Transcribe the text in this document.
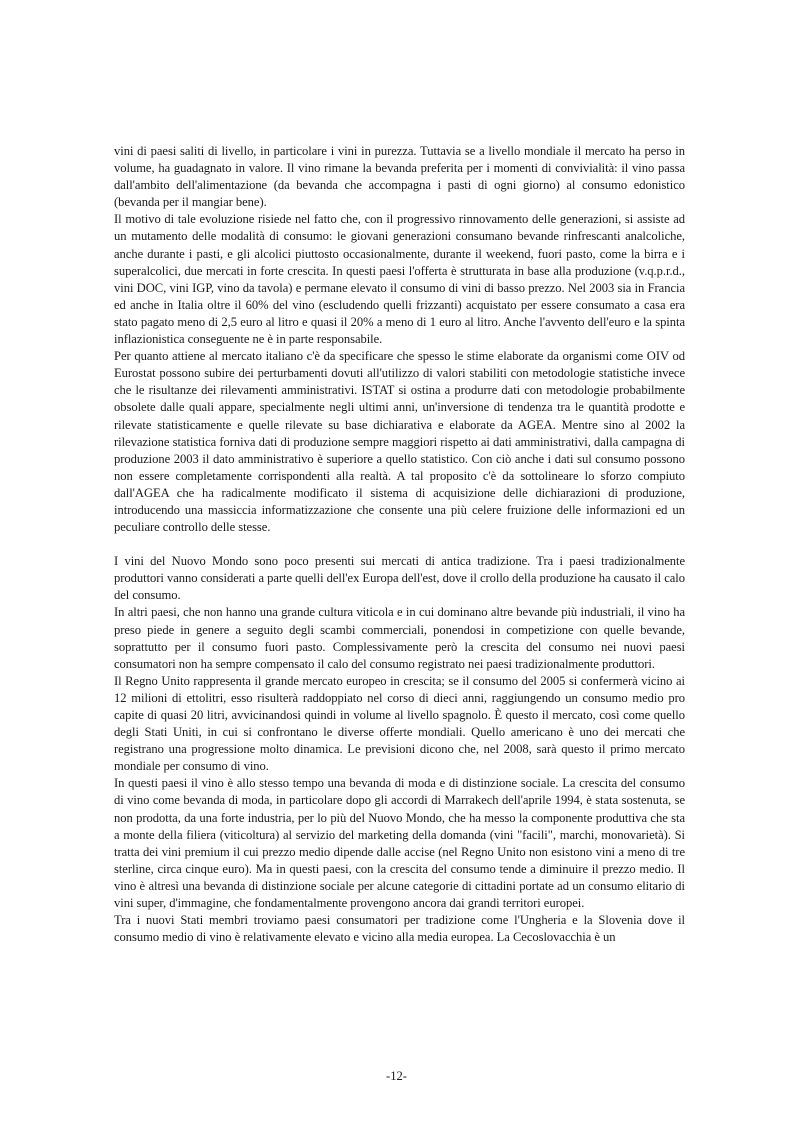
vini di paesi saliti di livello, in particolare i vini in purezza. Tuttavia se a livello mondiale il mercato ha perso in volume, ha guadagnato in valore. Il vino rimane la bevanda preferita per i momenti di convivialità: il vino passa dall'ambito dell'alimentazione (da bevanda che accompagna i pasti di ogni giorno) al consumo edonistico (bevanda per il mangiar bene).

Il motivo di tale evoluzione risiede nel fatto che, con il progressivo rinnovamento delle generazioni, si assiste ad un mutamento delle modalità di consumo: le giovani generazioni consumano bevande rinfrescanti analcoliche, anche durante i pasti, e gli alcolici piuttosto occasionalmente, durante il weekend, fuori pasto, come la birra e i superalcolici, due mercati in forte crescita. In questi paesi l'offerta è strutturata in base alla produzione (v.q.p.r.d., vini DOC, vini IGP, vino da tavola) e permane elevato il consumo di vini di basso prezzo. Nel 2003 sia in Francia ed anche in Italia oltre il 60% del vino (escludendo quelli frizzanti) acquistato per essere consumato a casa era stato pagato meno di 2,5 euro al litro e quasi il 20% a meno di 1 euro al litro. Anche l'avvento dell'euro e la spinta inflazionistica conseguente ne è in parte responsabile.

Per quanto attiene al mercato italiano c'è da specificare che spesso le stime elaborate da organismi come OIV od Eurostat possono subire dei perturbamenti dovuti all'utilizzo di valori stabiliti con metodologie statistiche invece che le risultanze dei rilevamenti amministrativi. ISTAT si ostina a produrre dati con metodologie probabilmente obsolete dalle quali appare, specialmente negli ultimi anni, un'inversione di tendenza tra le quantità prodotte e rilevate statisticamente e quelle rilevate su base dichiarativa e elaborate da AGEA. Mentre sino al 2002 la rilevazione statistica forniva dati di produzione sempre maggiori rispetto ai dati amministrativi, dalla campagna di produzione 2003 il dato amministrativo è superiore a quello statistico. Con ciò anche i dati sul consumo possono non essere completamente corrispondenti alla realtà. A tal proposito c'è da sottolineare lo sforzo compiuto dall'AGEA che ha radicalmente modificato il sistema di acquisizione delle dichiarazioni di produzione, introducendo una massiccia informatizzazione che consente una più celere fruizione delle informazioni ed un peculiare controllo delle stesse.

I vini del Nuovo Mondo sono poco presenti sui mercati di antica tradizione. Tra i paesi tradizionalmente produttori vanno considerati a parte quelli dell'ex Europa dell'est, dove il crollo della produzione ha causato il calo del consumo.

In altri paesi, che non hanno una grande cultura viticola e in cui dominano altre bevande più industriali, il vino ha preso piede in genere a seguito degli scambi commerciali, ponendosi in competizione con quelle bevande, soprattutto per il consumo fuori pasto. Complessivamente però la crescita del consumo nei nuovi paesi consumatori non ha sempre compensato il calo del consumo registrato nei paesi tradizionalmente produttori.

Il Regno Unito rappresenta il grande mercato europeo in crescita; se il consumo del 2005 si confermerà vicino ai 12 milioni di ettolitri, esso risulterà raddoppiato nel corso di dieci anni, raggiungendo un consumo medio pro capite di quasi 20 litri, avvicinandosi quindi in volume al livello spagnolo. È questo il mercato, così come quello degli Stati Uniti, in cui si confrontano le diverse offerte mondiali. Quello americano è uno dei mercati che registrano una progressione molto dinamica. Le previsioni dicono che, nel 2008, sarà questo il primo mercato mondiale per consumo di vino.

In questi paesi il vino è allo stesso tempo una bevanda di moda e di distinzione sociale. La crescita del consumo di vino come bevanda di moda, in particolare dopo gli accordi di Marrakech dell'aprile 1994, è stata sostenuta, se non prodotta, da una forte industria, per lo più del Nuovo Mondo, che ha messo la componente produttiva che sta a monte della filiera (viticoltura) al servizio del marketing della domanda (vini "facili", marchi, monovarietà). Si tratta dei vini premium il cui prezzo medio dipende dalle accise (nel Regno Unito non esistono vini a meno di tre sterline, circa cinque euro). Ma in questi paesi, con la crescita del consumo tende a diminuire il prezzo medio. Il vino è altresì una bevanda di distinzione sociale per alcune categorie di cittadini portate ad un consumo elitario di vini super, d'immagine, che fondamentalmente provengono ancora dai grandi territori europei.

Tra i nuovi Stati membri troviamo paesi consumatori per tradizione come l'Ungheria e la Slovenia dove il consumo medio di vino è relativamente elevato e vicino alla media europea. La Cecoslovacchia è un

-12-
